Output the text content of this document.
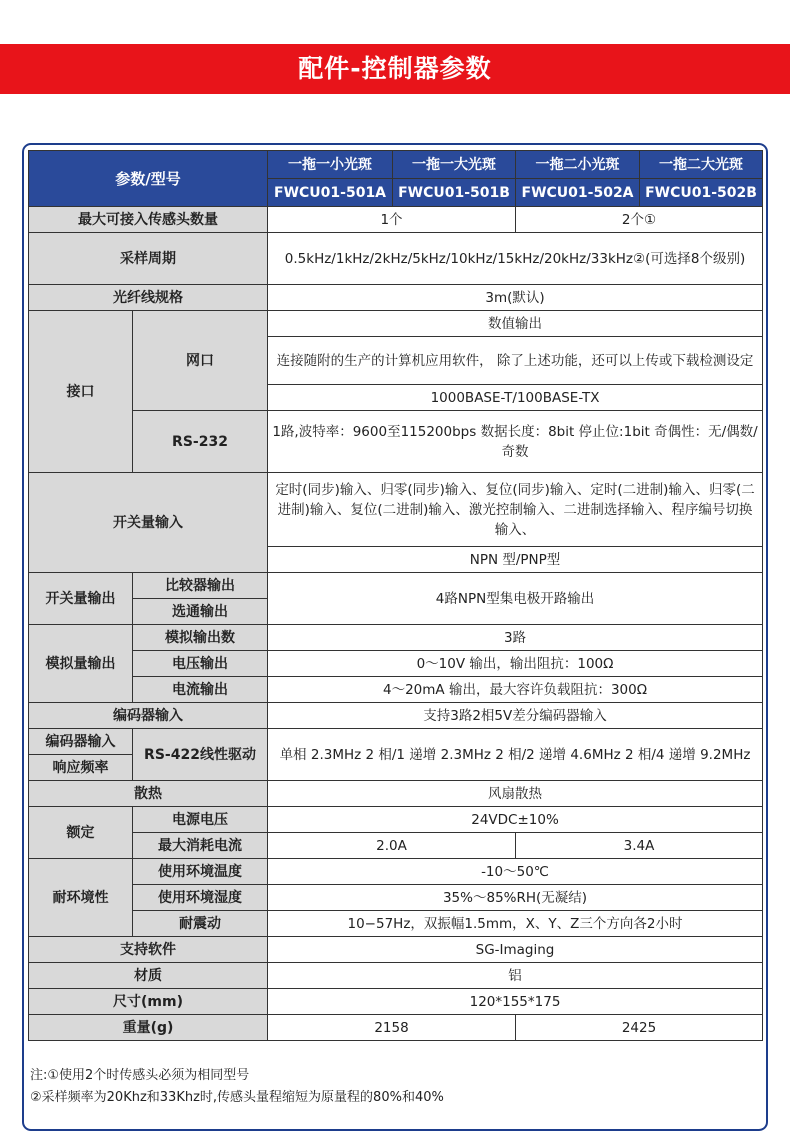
配件-控制器参数
参数/型号		一拖一小光斑	一拖一大光斑	一拖二小光斑	一拖二大光斑
		FWCU01-501A	FWCU01-501B	FWCU01-502A	FWCU01-502B
最大可接入传感头数量		1个		2个①	
采样周期		0.5kHz/1kHz/2kHz/5kHz/10kHz/15kHz/20kHz/33kHz②(可选择8个级别)			
光纤线规格		3m(默认)			
接口	网口	数值输出			
		连接随附的生产的计算机应用软件， 除了上述功能，还可以上传或下载检测设定			
		1000BASE-T/100BASE-TX			
	RS-232	1路,波特率：9600至115200bps 数据长度：8bit 停止位:1bit 奇偶性：无/偶数/奇数			
开关量输入		定时(同步)输入、归零(同步)输入、复位(同步)输入、定时(二进制)输入、归零(二进制)输入、复位(二进制)输入、激光控制输入、二进制选择输入、程序编号切换输入、			
		NPN 型/PNP型			
开关量输出	比较器输出	4路NPN型集电极开路输出			
	选通输出				
模拟量输出	模拟输出数	3路			
	电压输出	0〜10V 输出，输出阻抗：100Ω			
	电流输出	4〜20mA 输出，最大容许负载阻抗：300Ω			
编码器输入		支持3路2相5V差分编码器输入			
编码器输入	RS-422线性驱动	单相 2.3MHz 2 相/1 递增 2.3MHz 2 相/2 递增 4.6MHz 2 相/4 递增 9.2MHz			
响应频率					
散热		风扇散热			
额定	电源电压	24VDC±10%			
	最大消耗电流	2.0A		3.4A	
耐环境性	使用环境温度	-10〜50℃			
	使用环境湿度	35%〜85%RH(无凝结)			
	耐震动	10−57Hz，双振幅1.5mm，X、Y、Z三个方向各2小时			
支持软件		SG-Imaging			
材质		铝			
尺寸(mm)		120*155*175			
重量(g)		2158		2425	
注:①使用2个时传感头必须为相同型号
②采样频率为20Khz和33Khz时,传感头量程缩短为原量程的80%和40%
